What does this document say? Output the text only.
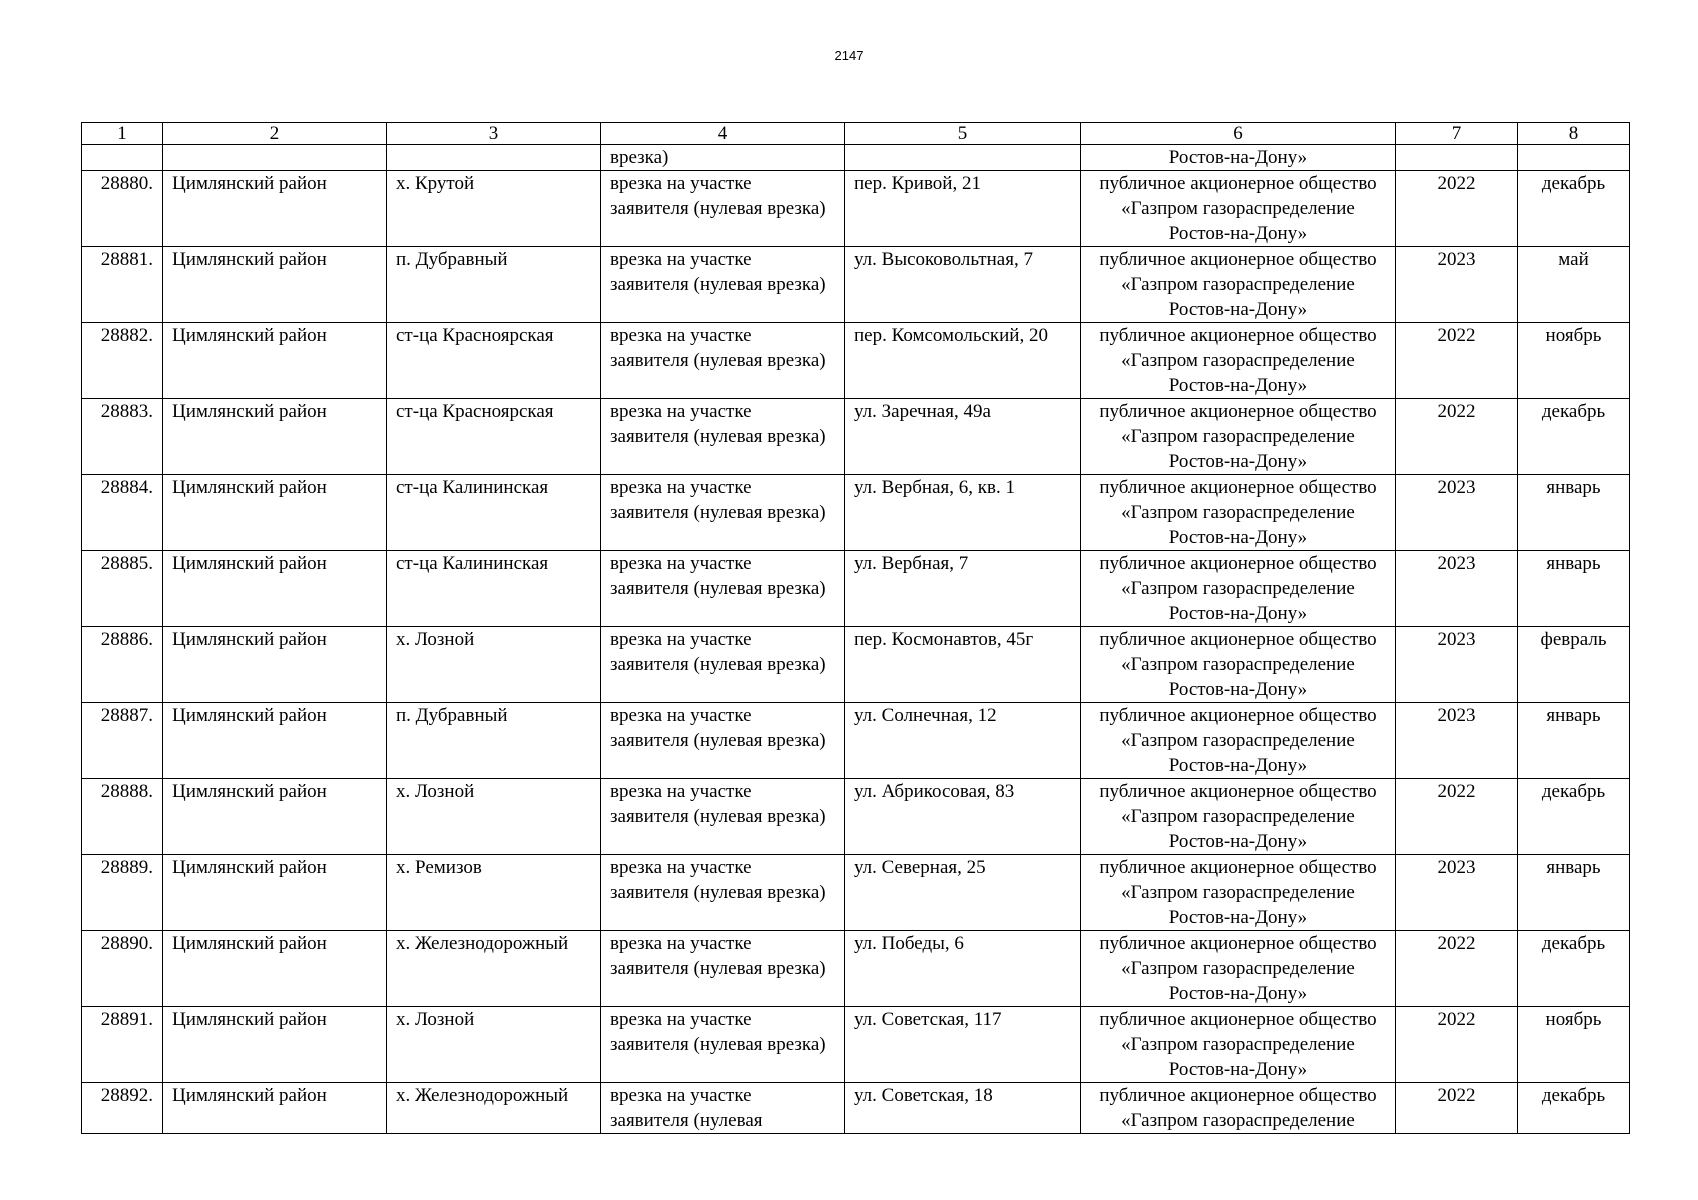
2147
1	2	3	4	5	6	7	8
			врезка)		Ростов-на-Дону»		
28880.	Цимлянский район	х. Крутой	врезка на участке заявителя (нулевая врезка)	пер. Кривой, 21	публичное акционерное общество
«Газпром газораспределение
Ростов-на-Дону»	2022	декабрь
28881.	Цимлянский район	п. Дубравный	врезка на участке заявителя (нулевая врезка)	ул. Высоковольтная, 7	публичное акционерное общество
«Газпром газораспределение
Ростов-на-Дону»	2023	май
28882.	Цимлянский район	ст-ца Красноярская	врезка на участке заявителя (нулевая врезка)	пер. Комсомольский, 20	публичное акционерное общество
«Газпром газораспределение
Ростов-на-Дону»	2022	ноябрь
28883.	Цимлянский район	ст-ца Красноярская	врезка на участке заявителя (нулевая врезка)	ул. Заречная, 49а	публичное акционерное общество
«Газпром газораспределение
Ростов-на-Дону»	2022	декабрь
28884.	Цимлянский район	ст-ца Калининская	врезка на участке заявителя (нулевая врезка)	ул. Вербная, 6, кв. 1	публичное акционерное общество
«Газпром газораспределение
Ростов-на-Дону»	2023	январь
28885.	Цимлянский район	ст-ца Калининская	врезка на участке заявителя (нулевая врезка)	ул. Вербная, 7	публичное акционерное общество
«Газпром газораспределение
Ростов-на-Дону»	2023	январь
28886.	Цимлянский район	х. Лозной	врезка на участке заявителя (нулевая врезка)	пер. Космонавтов, 45г	публичное акционерное общество
«Газпром газораспределение
Ростов-на-Дону»	2023	февраль
28887.	Цимлянский район	п. Дубравный	врезка на участке заявителя (нулевая врезка)	ул. Солнечная, 12	публичное акционерное общество
«Газпром газораспределение
Ростов-на-Дону»	2023	январь
28888.	Цимлянский район	х. Лозной	врезка на участке заявителя (нулевая врезка)	ул. Абрикосовая, 83	публичное акционерное общество
«Газпром газораспределение
Ростов-на-Дону»	2022	декабрь
28889.	Цимлянский район	х. Ремизов	врезка на участке заявителя (нулевая врезка)	ул. Северная, 25	публичное акционерное общество
«Газпром газораспределение
Ростов-на-Дону»	2023	январь
28890.	Цимлянский район	х. Железнодорожный	врезка на участке заявителя (нулевая врезка)	ул. Победы, 6	публичное акционерное общество
«Газпром газораспределение
Ростов-на-Дону»	2022	декабрь
28891.	Цимлянский район	х. Лозной	врезка на участке заявителя (нулевая врезка)	ул. Советская, 117	публичное акционерное общество
«Газпром газораспределение
Ростов-на-Дону»	2022	ноябрь
28892.	Цимлянский район	х. Железнодорожный	врезка на участке заявителя (нулевая	ул. Советская, 18	публичное акционерное общество
«Газпром газораспределение	2022	декабрь
